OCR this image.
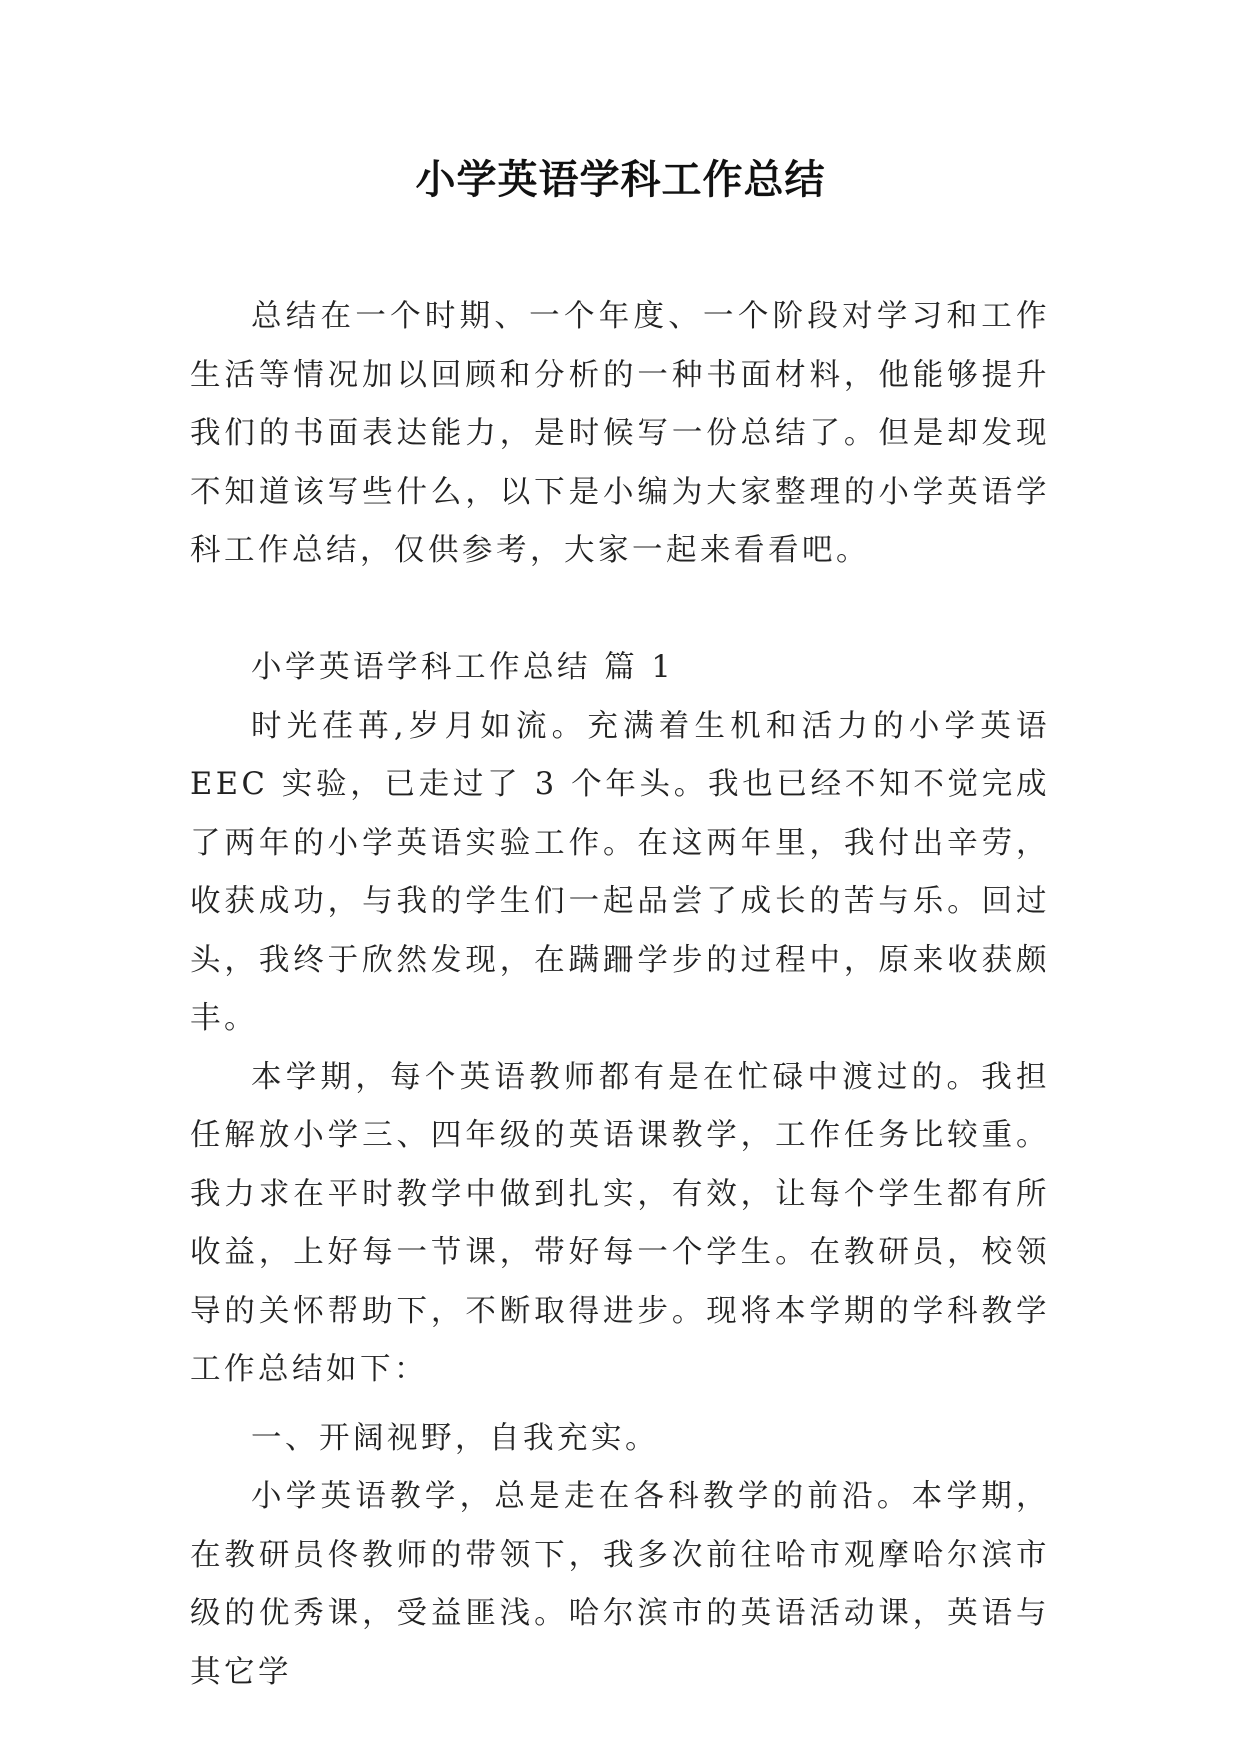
小学英语学科工作总结

总结在一个时期、一个年度、一个阶段对学习和工作生活等情况加以回顾和分析的一种书面材料，他能够提升我们的书面表达能力，是时候写一份总结了。但是却发现不知道该写些什么，以下是小编为大家整理的小学英语学科工作总结，仅供参考，大家一起来看看吧。

小学英语学科工作总结 篇 1

时光荏苒,岁月如流。充满着生机和活力的小学英语 EEC 实验，已走过了 3 个年头。我也已经不知不觉完成了两年的小学英语实验工作。在这两年里，我付出辛劳，收获成功，与我的学生们一起品尝了成长的苦与乐。回过头，我终于欣然发现，在蹒跚学步的过程中，原来收获颇丰。

本学期，每个英语教师都有是在忙碌中渡过的。我担任解放小学三、四年级的英语课教学，工作任务比较重。我力求在平时教学中做到扎实，有效，让每个学生都有所收益，上好每一节课，带好每一个学生。在教研员，校领导的关怀帮助下，不断取得进步。现将本学期的学科教学工作总结如下：

一、开阔视野，自我充实。

小学英语教学，总是走在各科教学的前沿。本学期，在教研员佟教师的带领下，我多次前往哈市观摩哈尔滨市级的优秀课，受益匪浅。哈尔滨市的英语活动课，英语与其它学
